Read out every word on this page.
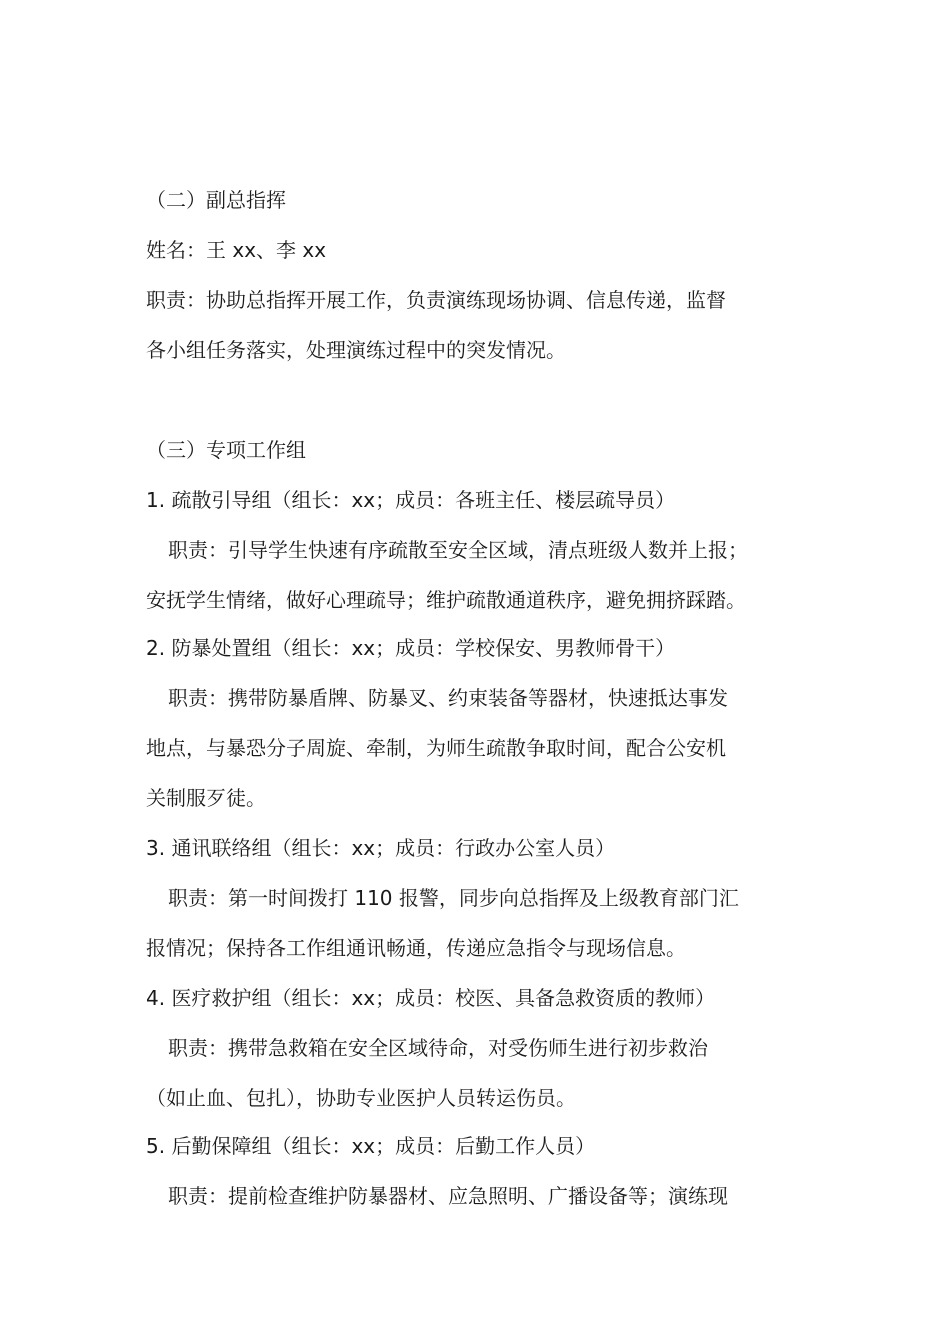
（二）副总指挥
姓名：王 xx、李 xx
职责：协助总指挥开展工作，负责演练现场协调、信息传递，监督
各小组任务落实，处理演练过程中的突发情况。
（三）专项工作组
1. 疏散引导组（组长：xx；成员：各班主任、楼层疏导员）
职责：引导学生快速有序疏散至安全区域，清点班级人数并上报；
安抚学生情绪，做好心理疏导；维护疏散通道秩序，避免拥挤踩踏。
2. 防暴处置组（组长：xx；成员：学校保安、男教师骨干）
职责：携带防暴盾牌、防暴叉、约束装备等器材，快速抵达事发
地点，与暴恐分子周旋、牵制，为师生疏散争取时间，配合公安机
关制服歹徒。
3. 通讯联络组（组长：xx；成员：行政办公室人员）
职责：第一时间拨打 110 报警，同步向总指挥及上级教育部门汇
报情况；保持各工作组通讯畅通，传递应急指令与现场信息。
4. 医疗救护组（组长：xx；成员：校医、具备急救资质的教师）
职责：携带急救箱在安全区域待命，对受伤师生进行初步救治
（如止血、包扎），协助专业医护人员转运伤员。
5. 后勤保障组（组长：xx；成员：后勤工作人员）
职责：提前检查维护防暴器材、应急照明、广播设备等；演练现
